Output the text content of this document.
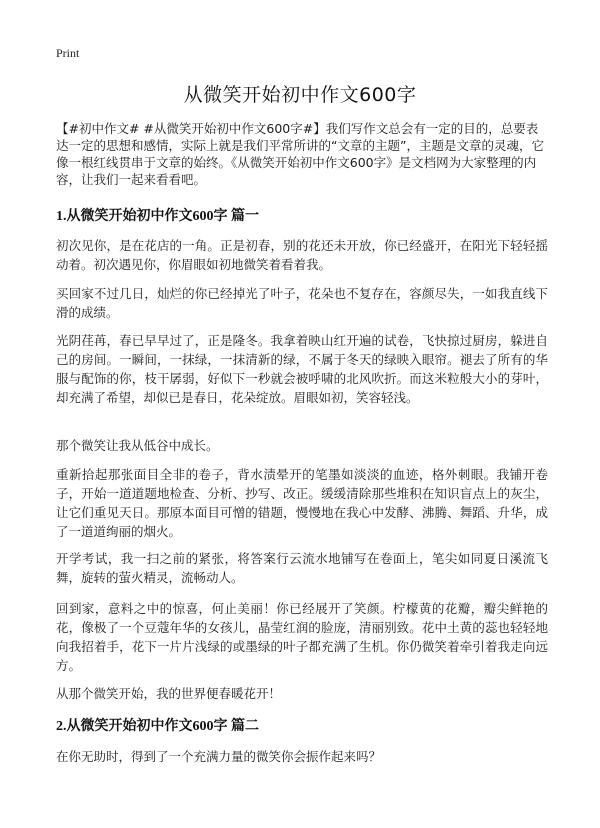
Print
从微笑开始初中作文600字

【#初中作文# #从微笑开始初中作文600字#】我们写作文总会有一定的目的，总要表达一定的思想和感情，实际上就是我们平常所讲的“文章的主题”，主题是文章的灵魂，它像一根红线贯串于文章的始终。《从微笑开始初中作文600字》是文档网为大家整理的内容，让我们一起来看看吧。

1.从微笑开始初中作文600字 篇一

初次见你，是在花店的一角。正是初春，别的花还未开放，你已经盛开，在阳光下轻轻摇动着。初次遇见你，你眉眼如初地微笑着看着我。

买回家不过几日，灿烂的你已经掉光了叶子，花朵也不复存在，容颜尽失，一如我直线下滑的成绩。

光阴荏苒，春已早早过了，正是隆冬。我拿着映山红开遍的试卷，飞快掠过厨房，躲进自己的房间。一瞬间，一抹绿，一抹清新的绿，不属于冬天的绿映入眼帘。褪去了所有的华服与配饰的你，枝干孱弱，好似下一秒就会被呼啸的北风吹折。而这米粒般大小的芽叶，却充满了希望，却似已是春日，花朵绽放。眉眼如初，笑容轻浅。

那个微笑让我从低谷中成长。

重新拾起那张面目全非的卷子，背水渍晕开的笔墨如淡淡的血迹，格外刺眼。我铺开卷子，开始一道道题地检查、分析、抄写、改正。缓缓清除那些堆积在知识盲点上的灰尘，让它们重见天日。那原本面目可憎的错题，慢慢地在我心中发酵、沸腾、舞蹈、升华，成了一道道绚丽的烟火。

开学考试，我一扫之前的紧张，将答案行云流水地铺写在卷面上，笔尖如同夏日溪流飞舞，旋转的萤火精灵，流畅动人。

回到家，意料之中的惊喜，何止美丽！你已经展开了笑颜。柠檬黄的花瓣，瓣尖鲜艳的花，像极了一个豆蔻年华的女孩儿，晶莹红润的脸庞，清丽别致。花中土黄的蕊也轻轻地向我招着手，花下一片片浅绿的或墨绿的叶子都充满了生机。你仍微笑着牵引着我走向远方。

从那个微笑开始，我的世界便春暖花开！

2.从微笑开始初中作文600字 篇二

在你无助时，得到了一个充满力量的微笑你会振作起来吗？
